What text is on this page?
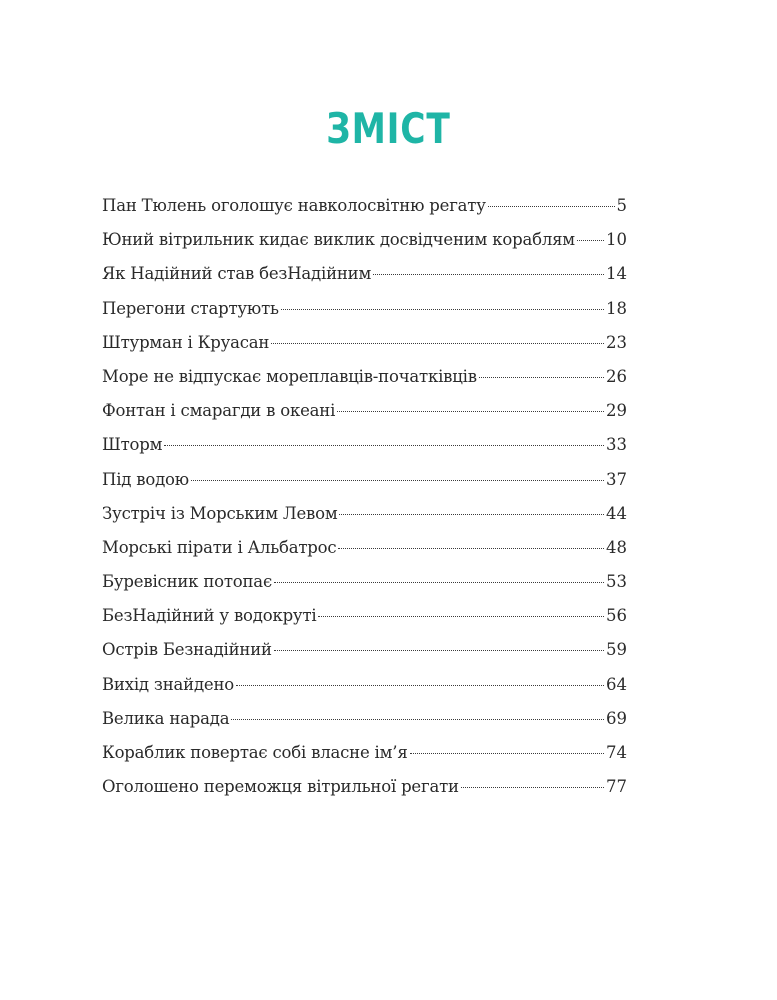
ЗМІСТ
Пан Тюлень оголошує навколосвітню регату	5
Юний вітрильник кидає виклик досвідченим кораблям 10
Як Надійний став безНадійним	14
Перегони стартують	18
Штурман і Круасан	23
Море не відпускає мореплавців-початківців	26
Фонтан і смарагди в океані	29
Шторм	33
Під водою	37
Зустріч із Морським Левом	44
Морські пірати і Альбатрос	48
Буревісник потопає	53
БезНадійний у водокруті	56
Острів Безнадійний	59
Вихід знайдено	64
Велика нарада	69
Кораблик повертає собі власне ім’я	74
Оголошено переможця вітрильної регати	77
